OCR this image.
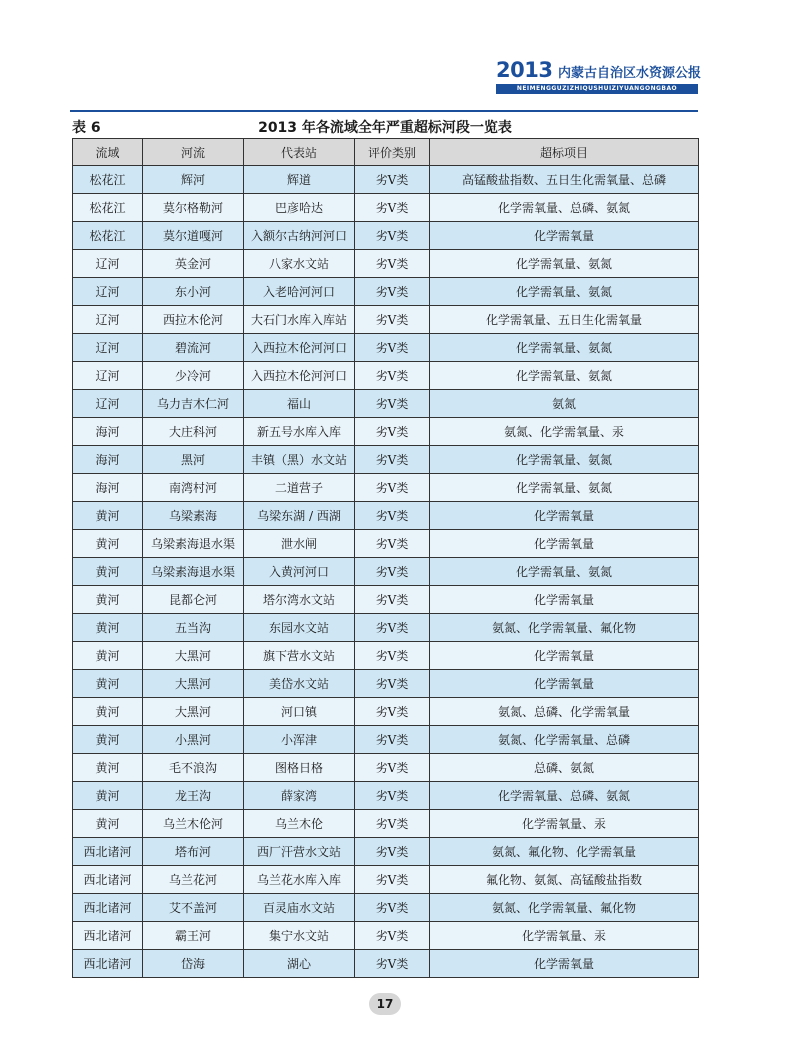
2013 内蒙古自治区水资源公报
NEIMENGGUZIZHIQUSHUIZIYUANGONGBAO
表 6	2013 年各流域全年严重超标河段一览表
流域	河流	代表站	评价类别	超标项目
松花江	辉河	辉道	劣Ⅴ类	高锰酸盐指数、五日生化需氧量、总磷
松花江	莫尔格勒河	巴彦哈达	劣Ⅴ类	化学需氧量、总磷、氨氮
松花江	莫尔道嘎河	入额尔古纳河河口	劣Ⅴ类	化学需氧量
辽河	英金河	八家水文站	劣Ⅴ类	化学需氧量、氨氮
辽河	东小河	入老哈河河口	劣Ⅴ类	化学需氧量、氨氮
辽河	西拉木伦河	大石门水库入库站	劣Ⅴ类	化学需氧量、五日生化需氧量
辽河	碧流河	入西拉木伦河河口	劣Ⅴ类	化学需氧量、氨氮
辽河	少冷河	入西拉木伦河河口	劣Ⅴ类	化学需氧量、氨氮
辽河	乌力吉木仁河	福山	劣Ⅴ类	氨氮
海河	大庄科河	新五号水库入库	劣Ⅴ类	氨氮、化学需氧量、汞
海河	黑河	丰镇（黑）水文站	劣Ⅴ类	化学需氧量、氨氮
海河	南湾村河	二道营子	劣Ⅴ类	化学需氧量、氨氮
黄河	乌梁素海	乌梁东湖 / 西湖	劣Ⅴ类	化学需氧量
黄河	乌梁素海退水渠	泄水闸	劣Ⅴ类	化学需氧量
黄河	乌梁素海退水渠	入黄河河口	劣Ⅴ类	化学需氧量、氨氮
黄河	昆都仑河	塔尔湾水文站	劣Ⅴ类	化学需氧量
黄河	五当沟	东园水文站	劣Ⅴ类	氨氮、化学需氧量、氟化物
黄河	大黑河	旗下营水文站	劣Ⅴ类	化学需氧量
黄河	大黑河	美岱水文站	劣Ⅴ类	化学需氧量
黄河	大黑河	河口镇	劣Ⅴ类	氨氮、总磷、化学需氧量
黄河	小黑河	小浑津	劣Ⅴ类	氨氮、化学需氧量、总磷
黄河	毛不浪沟	图格日格	劣Ⅴ类	总磷、氨氮
黄河	龙王沟	薛家湾	劣Ⅴ类	化学需氧量、总磷、氨氮
黄河	乌兰木伦河	乌兰木伦	劣Ⅴ类	化学需氧量、汞
西北诸河	塔布河	西厂汗营水文站	劣Ⅴ类	氨氮、氟化物、化学需氧量
西北诸河	乌兰花河	乌兰花水库入库	劣Ⅴ类	氟化物、氨氮、高锰酸盐指数
西北诸河	艾不盖河	百灵庙水文站	劣Ⅴ类	氨氮、化学需氧量、氟化物
西北诸河	霸王河	集宁水文站	劣Ⅴ类	化学需氧量、汞
西北诸河	岱海	湖心	劣Ⅴ类	化学需氧量
17
